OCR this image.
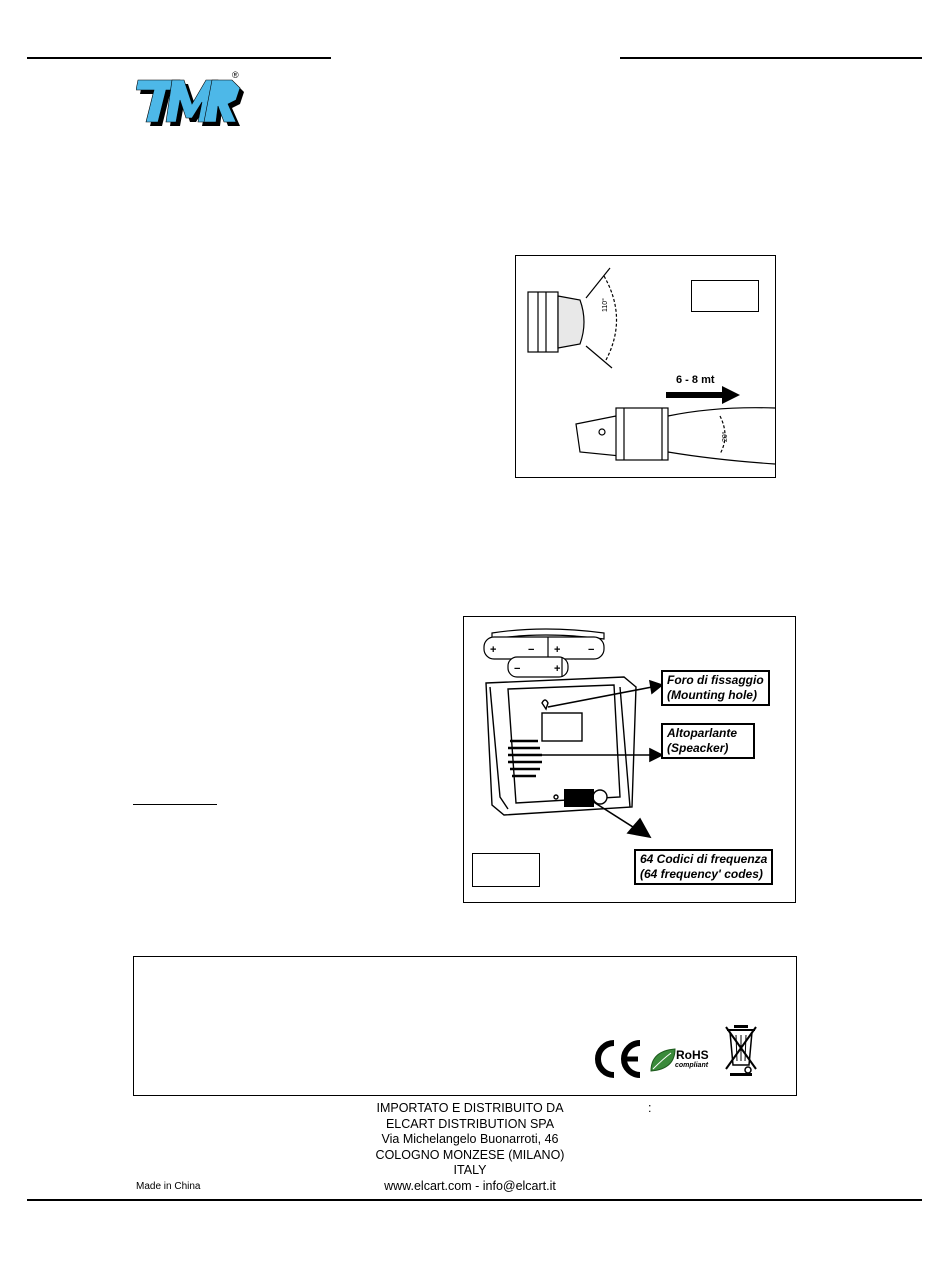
®
110°
6 - 8 mt
20°
+	− +	−
−	+
Foro di fissaggio
(Mounting hole)
Altoparlante
(Speacker)
64 Codici di frequenza
(64 frequency' codes)
RoHS
compliant
IMPORTATO E DISTRIBUITO DA
ELCART DISTRIBUTION SPA
Via Michelangelo Buonarroti, 46
COLOGNO MONZESE (MILANO)
ITALY
www.elcart.com - info@elcart.it
:
Made in China
